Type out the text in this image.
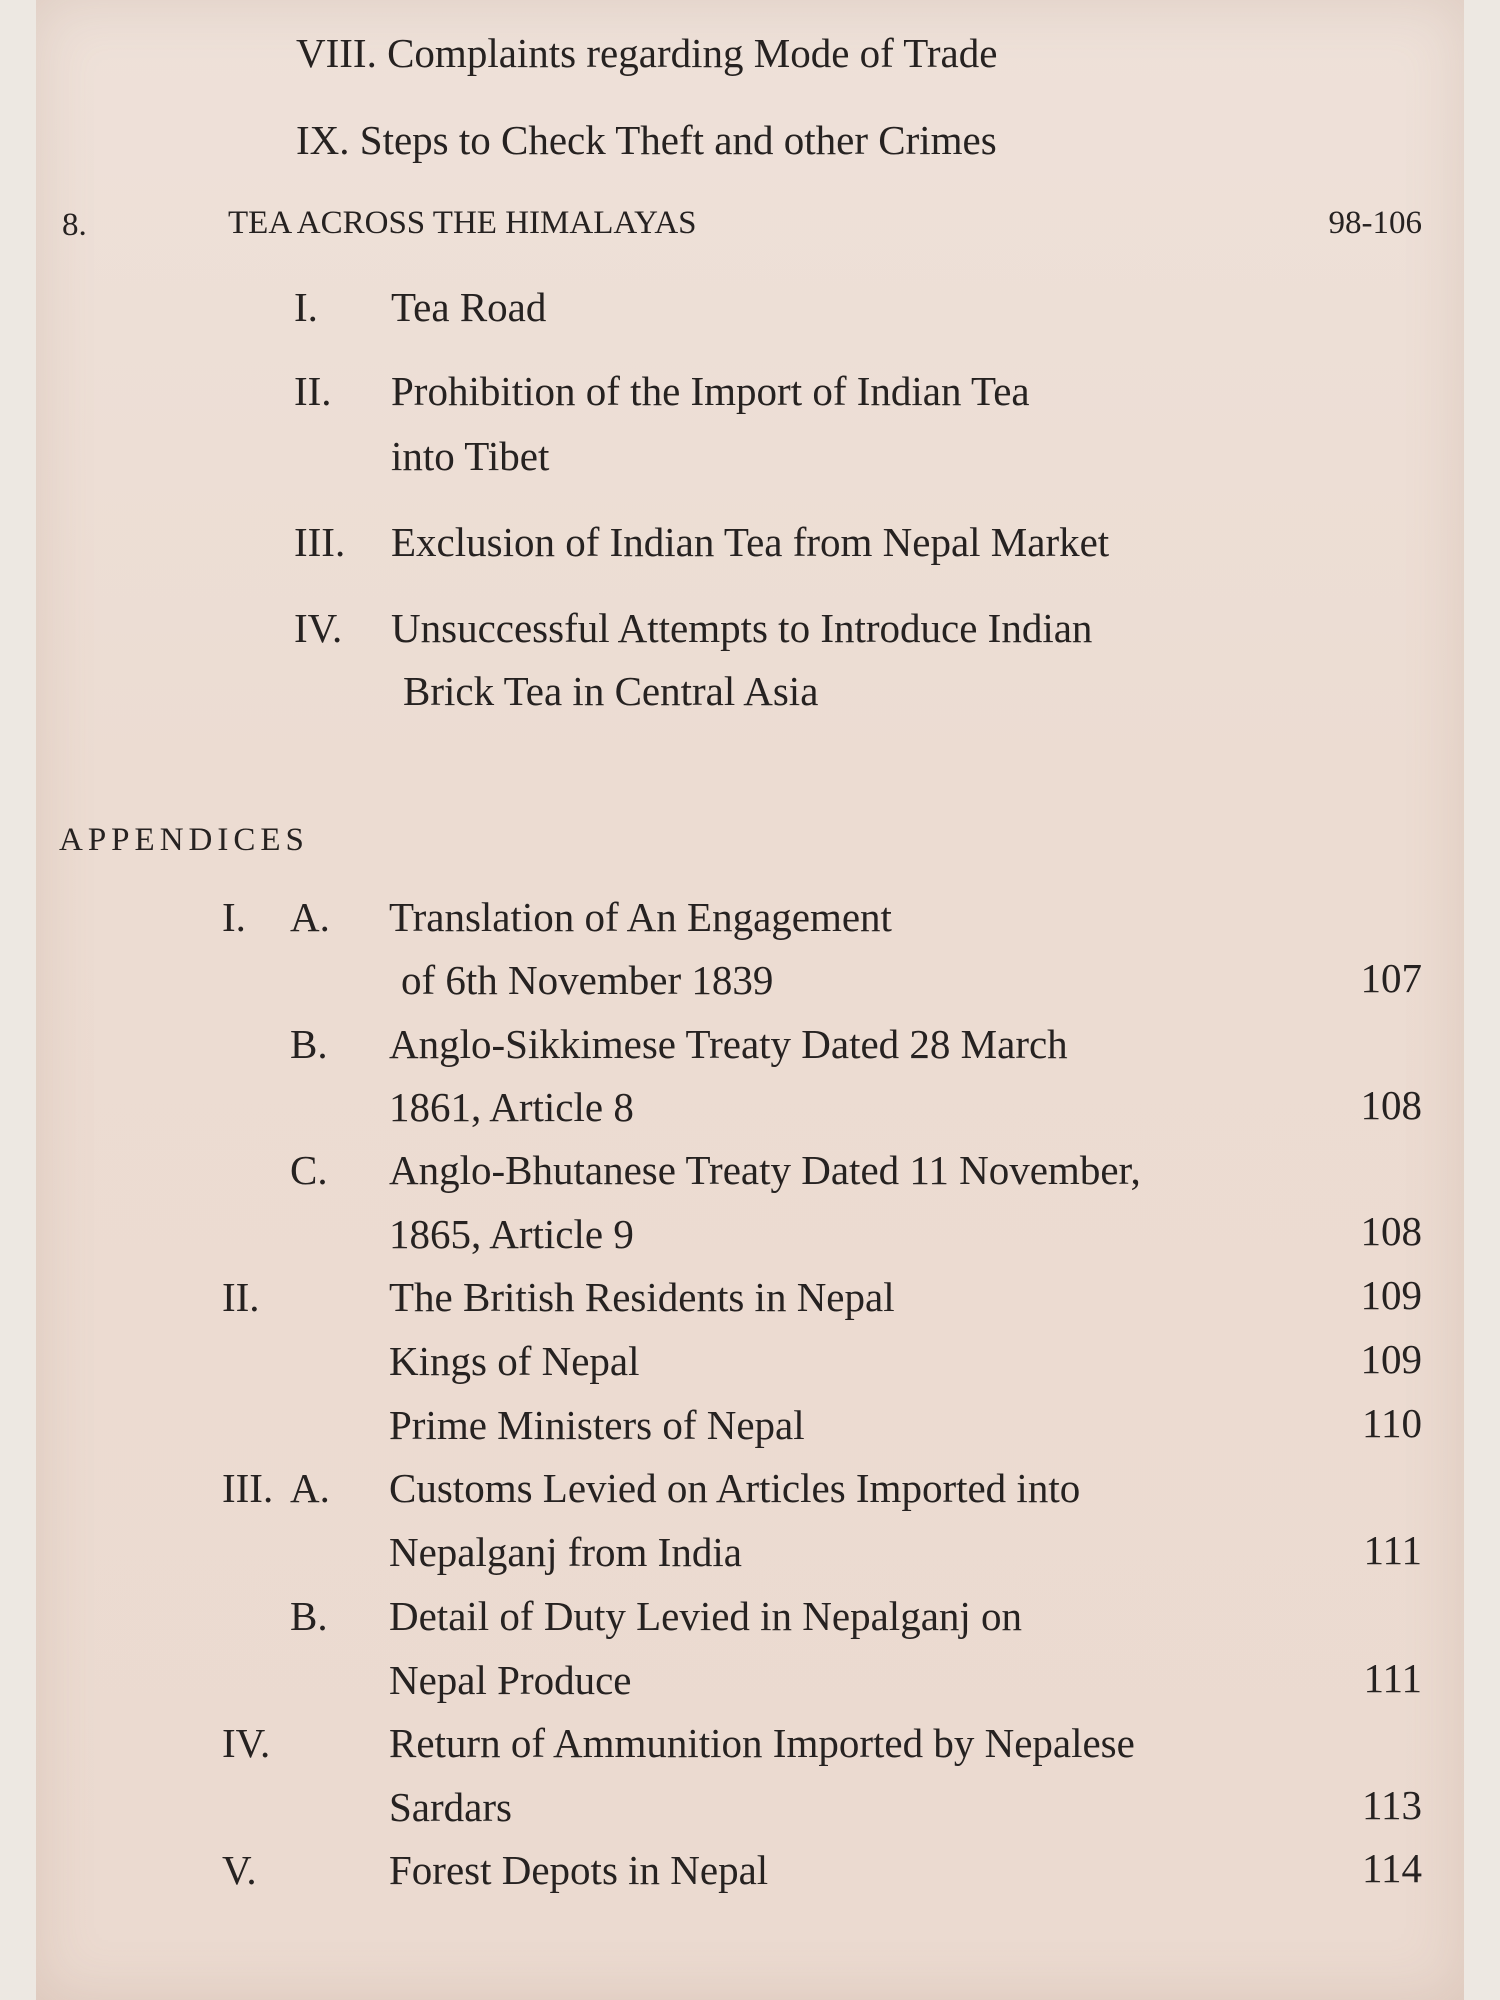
VIII. Complaints regarding Mode of Trade
IX. Steps to Check Theft and other Crimes
8.	TEA ACROSS THE HIMALAYAS	98-106
I. Tea Road
II. Prohibition of the Import of Indian Tea
into Tibet
III. Exclusion of Indian Tea from Nepal Market
IV. Unsuccessful Attempts to Introduce Indian
Brick Tea in Central Asia
APPENDICES
I. A. Translation of An Engagement
of 6th November 1839	107
B. Anglo-Sikkimese Treaty Dated 28 March
1861, Article 8	108
C. Anglo-Bhutanese Treaty Dated 11 November,
1865, Article 9	108
II.	The British Residents in Nepal	109
Kings of Nepal	109
Prime Ministers of Nepal	110
III. A. Customs Levied on Articles Imported into
Nepalganj from India	111
B. Detail of Duty Levied in Nepalganj on
Nepal Produce	111
IV.	Return of Ammunition Imported by Nepalese
Sardars	113
V.	Forest Depots in Nepal	114
